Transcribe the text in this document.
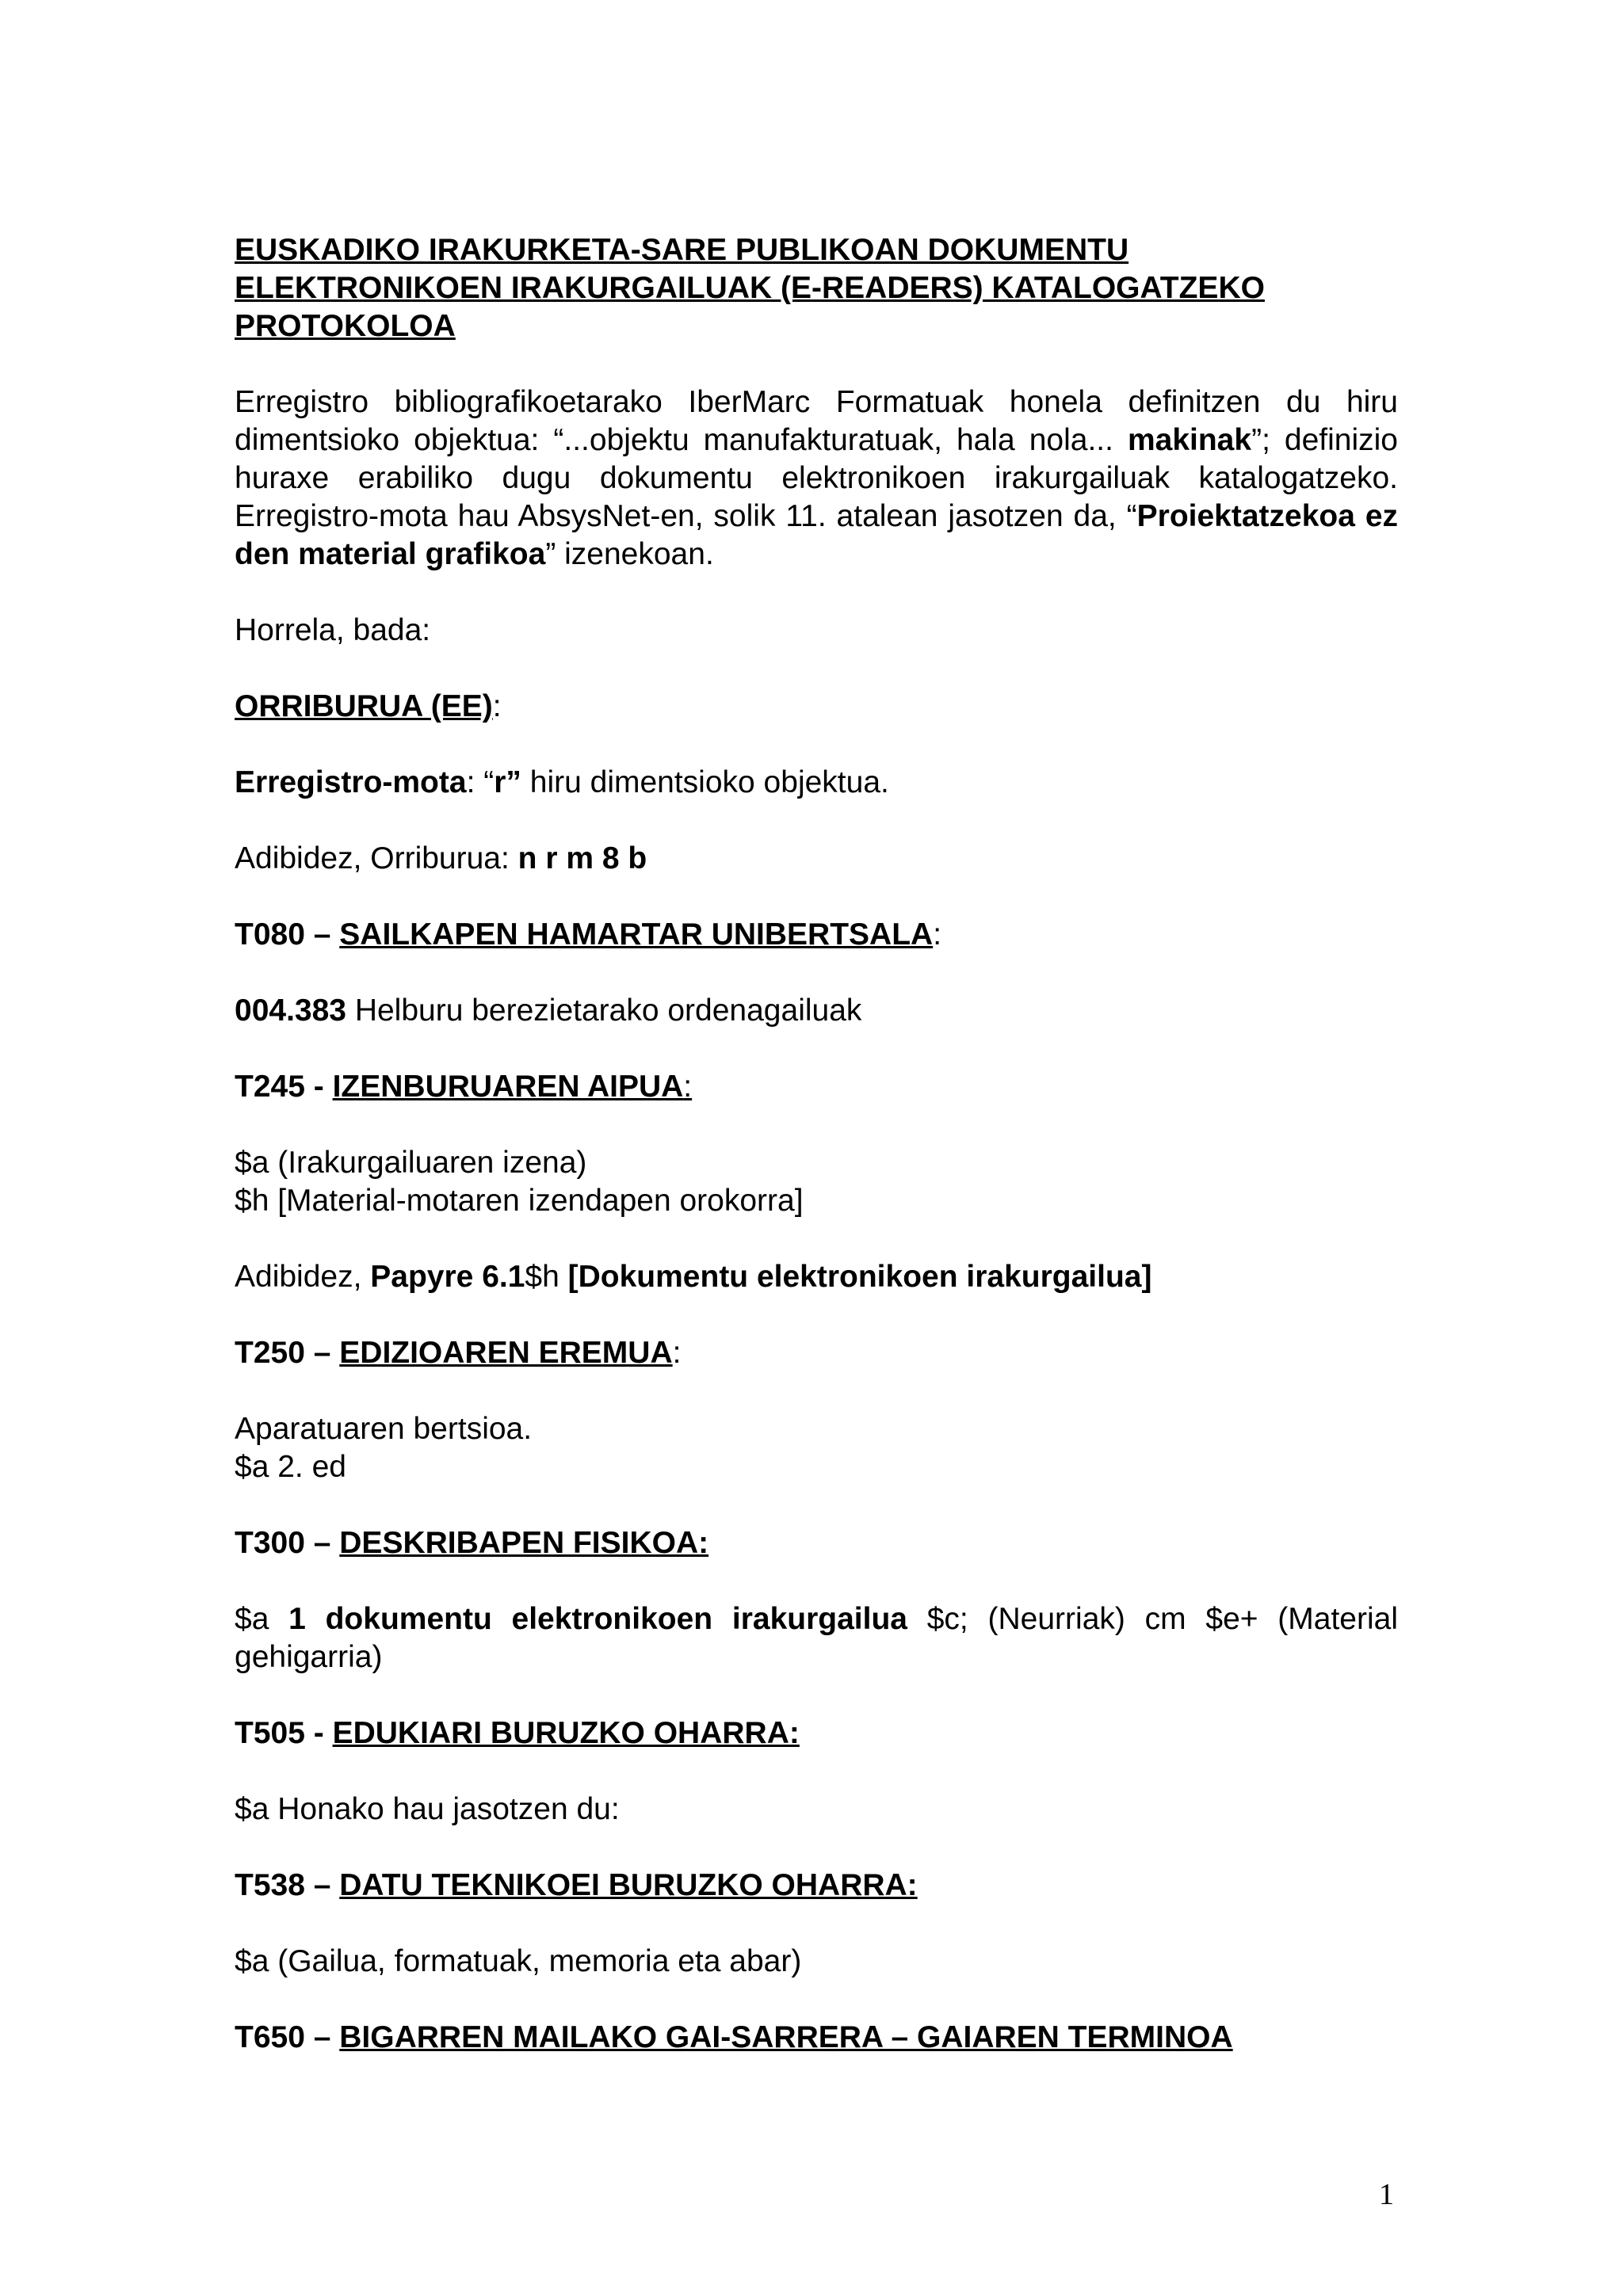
EUSKADIKO IRAKURKETA-SARE PUBLIKOAN DOKUMENTU ELEKTRONIKOEN IRAKURGAILUAK (E-READERS) KATALOGATZEKO PROTOKOLOA

Erregistro bibliografikoetarako IberMarc Formatuak honela definitzen du hiru dimentsioko objektua: “...objektu manufakturatuak, hala nola... makinak”; definizio huraxe erabiliko dugu dokumentu elektronikoen irakurgailuak katalogatzeko. Erregistro-mota hau AbsysNet-en, solik 11. atalean jasotzen da, “Proiektatzekoa ez den material grafikoa” izenekoan.

Horrela, bada:

ORRIBURUA (EE):

Erregistro-mota: “r” hiru dimentsioko objektua.

Adibidez, Orriburua: n r m 8 b

T080 – SAILKAPEN HAMARTAR UNIBERTSALA:

004.383 Helburu berezietarako ordenagailuak

T245 - IZENBURUAREN AIPUA:

$a (Irakurgailuaren izena)
$h [Material-motaren izendapen orokorra]

Adibidez, Papyre 6.1$h [Dokumentu elektronikoen irakurgailua]

T250 – EDIZIOAREN EREMUA:

Aparatuaren bertsioa.
$a 2. ed

T300 – DESKRIBAPEN FISIKOA:

$a 1 dokumentu elektronikoen irakurgailua $c; (Neurriak) cm $e+ (Material gehigarria)

T505 - EDUKIARI BURUZKO OHARRA:

$a Honako hau jasotzen du:

T538 – DATU TEKNIKOEI BURUZKO OHARRA:

$a (Gailua, formatuak, memoria eta abar)

T650 – BIGARREN MAILAKO GAI-SARRERA – GAIAREN TERMINOA

1
